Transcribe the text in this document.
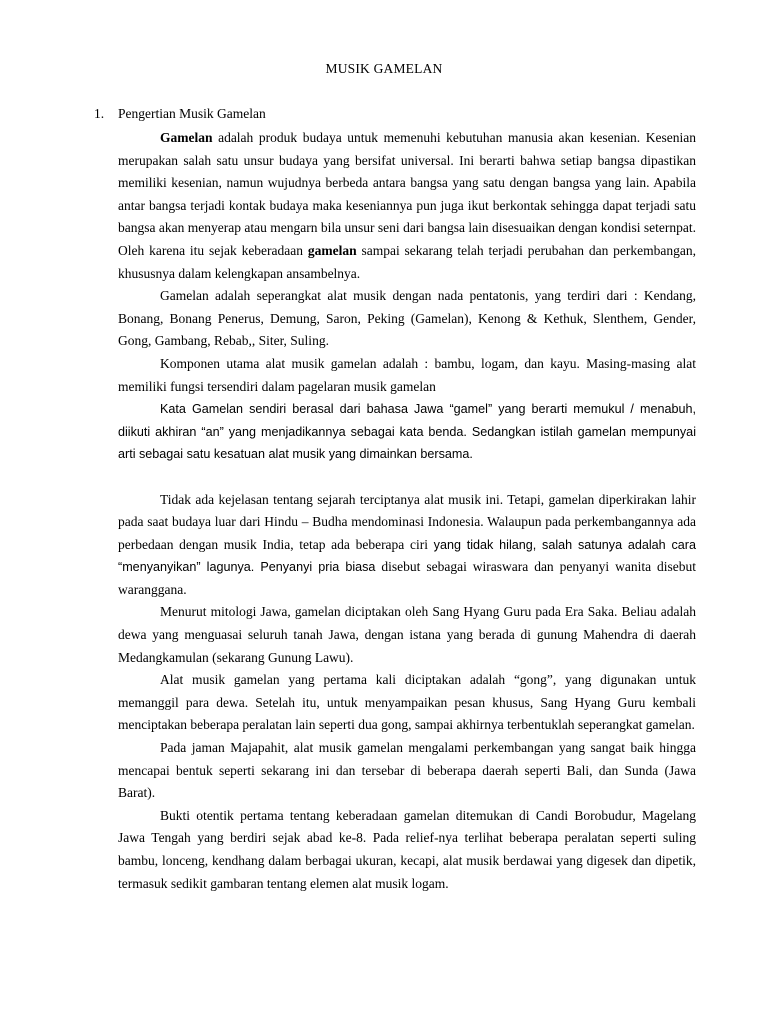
MUSIK GAMELAN
1. Pengertian Musik Gamelan

Gamelan adalah produk budaya untuk memenuhi kebutuhan manusia akan kesenian. Kesenian merupakan salah satu unsur budaya yang bersifat universal. Ini berarti bahwa setiap bangsa dipastikan memiliki kesenian, namun wujudnya berbeda antara bangsa yang satu dengan bangsa yang lain. Apabila antar bangsa terjadi kontak budaya maka keseniannya pun juga ikut berkontak sehingga dapat terjadi satu bangsa akan menyerap atau mengarn bila unsur seni dari bangsa lain disesuaikan dengan kondisi seternpat. Oleh karena itu sejak keberadaan gamelan sampai sekarang telah terjadi perubahan dan perkembangan, khususnya dalam kelengkapan ansambelnya.

Gamelan adalah seperangkat alat musik dengan nada pentatonis, yang terdiri dari : Kendang, Bonang, Bonang Penerus, Demung, Saron, Peking (Gamelan), Kenong & Kethuk, Slenthem, Gender, Gong, Gambang, Rebab,, Siter, Suling.

Komponen utama alat musik gamelan adalah : bambu, logam, dan kayu. Masing-masing alat memiliki fungsi tersendiri dalam pagelaran musik gamelan

Kata Gamelan sendiri berasal dari bahasa Jawa “gamel” yang berarti memukul / menabuh, diikuti akhiran “an” yang menjadikannya sebagai kata benda. Sedangkan istilah gamelan mempunyai arti sebagai satu kesatuan alat musik yang dimainkan bersama.

Tidak ada kejelasan tentang sejarah terciptanya alat musik ini. Tetapi, gamelan diperkirakan lahir pada saat budaya luar dari Hindu – Budha mendominasi Indonesia. Walaupun pada perkembangannya ada perbedaan dengan musik India, tetap ada beberapa ciri yang tidak hilang, salah satunya adalah cara “menyanyikan” lagunya. Penyanyi pria biasa disebut sebagai wiraswara dan penyanyi wanita disebut waranggana.

Menurut mitologi Jawa, gamelan diciptakan oleh Sang Hyang Guru pada Era Saka. Beliau adalah dewa yang menguasai seluruh tanah Jawa, dengan istana yang berada di gunung Mahendra di daerah Medangkamulan (sekarang Gunung Lawu).

Alat musik gamelan yang pertama kali diciptakan adalah “gong”, yang digunakan untuk memanggil para dewa. Setelah itu, untuk menyampaikan pesan khusus, Sang Hyang Guru kembali menciptakan beberapa peralatan lain seperti dua gong, sampai akhirnya terbentuklah seperangkat gamelan.

Pada jaman Majapahit, alat musik gamelan mengalami perkembangan yang sangat baik hingga mencapai bentuk seperti sekarang ini dan tersebar di beberapa daerah seperti Bali, dan Sunda (Jawa Barat).

Bukti otentik pertama tentang keberadaan gamelan ditemukan di Candi Borobudur, Magelang Jawa Tengah yang berdiri sejak abad ke-8. Pada relief-nya terlihat beberapa peralatan seperti suling bambu, lonceng, kendhang dalam berbagai ukuran, kecapi, alat musik berdawai yang digesek dan dipetik, termasuk sedikit gambaran tentang elemen alat musik logam.
